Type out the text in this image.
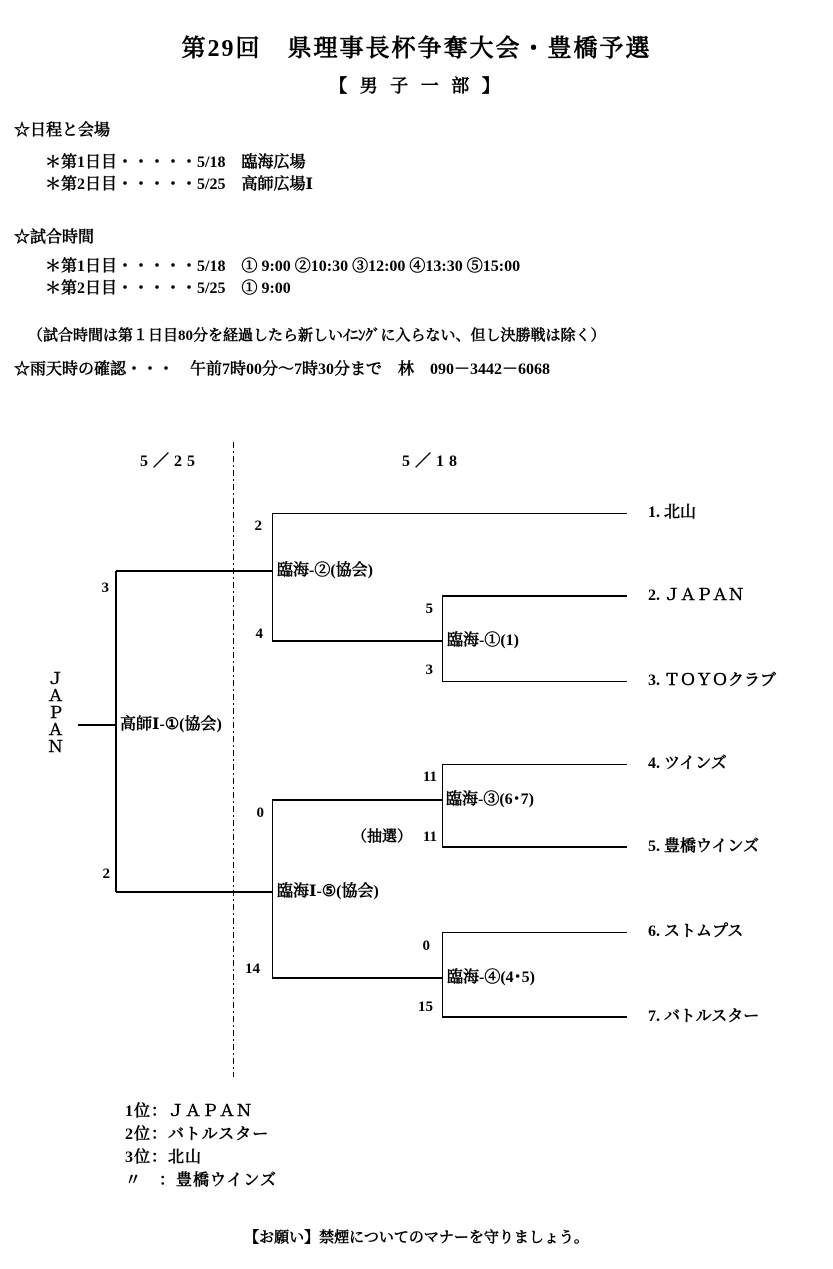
第29回　県理事長杯争奪大会・豊橋予選
【 男 子 一 部 】
☆日程と会場
＊第1日目・・・・・5/18　臨海広場
＊第2日目・・・・・5/25　高師広場Ⅰ
☆試合時間
＊第1日目・・・・・5/18　① 9:00 ②10:30 ③12:00 ④13:30 ⑤15:00
＊第2日目・・・・・5/25　① 9:00
（試合時間は第１日目80分を経過したら新しいｲﾆﾝｸﾞに入らない、但し決勝戦は除く）
☆雨天時の確認・・・　午前7時00分～7時30分まで　林　090－3442－6068
5／25	5／18
1. 北山
2. ＪＡＰＡＮ
3. ＴＯＹＯクラブ
4. ツインズ
5. 豊橋ウインズ
6. ストムプス
7. バトルスター
臨海-②(協会)
臨海-①(1)
臨海-③(6･7)
臨海Ⅰ-⑤(協会)
臨海-④(4･5)
高師Ⅰ-①(協会)
2
4
5
3
11
（抽選） 11
0
15
0
14
3
2
ＪＡＰＡＮ
1位：ＪＡＰＡＮ
2位：バトルスター
3位：北山
〃　：豊橋ウインズ
【お願い】禁煙についてのマナーを守りましょう。
